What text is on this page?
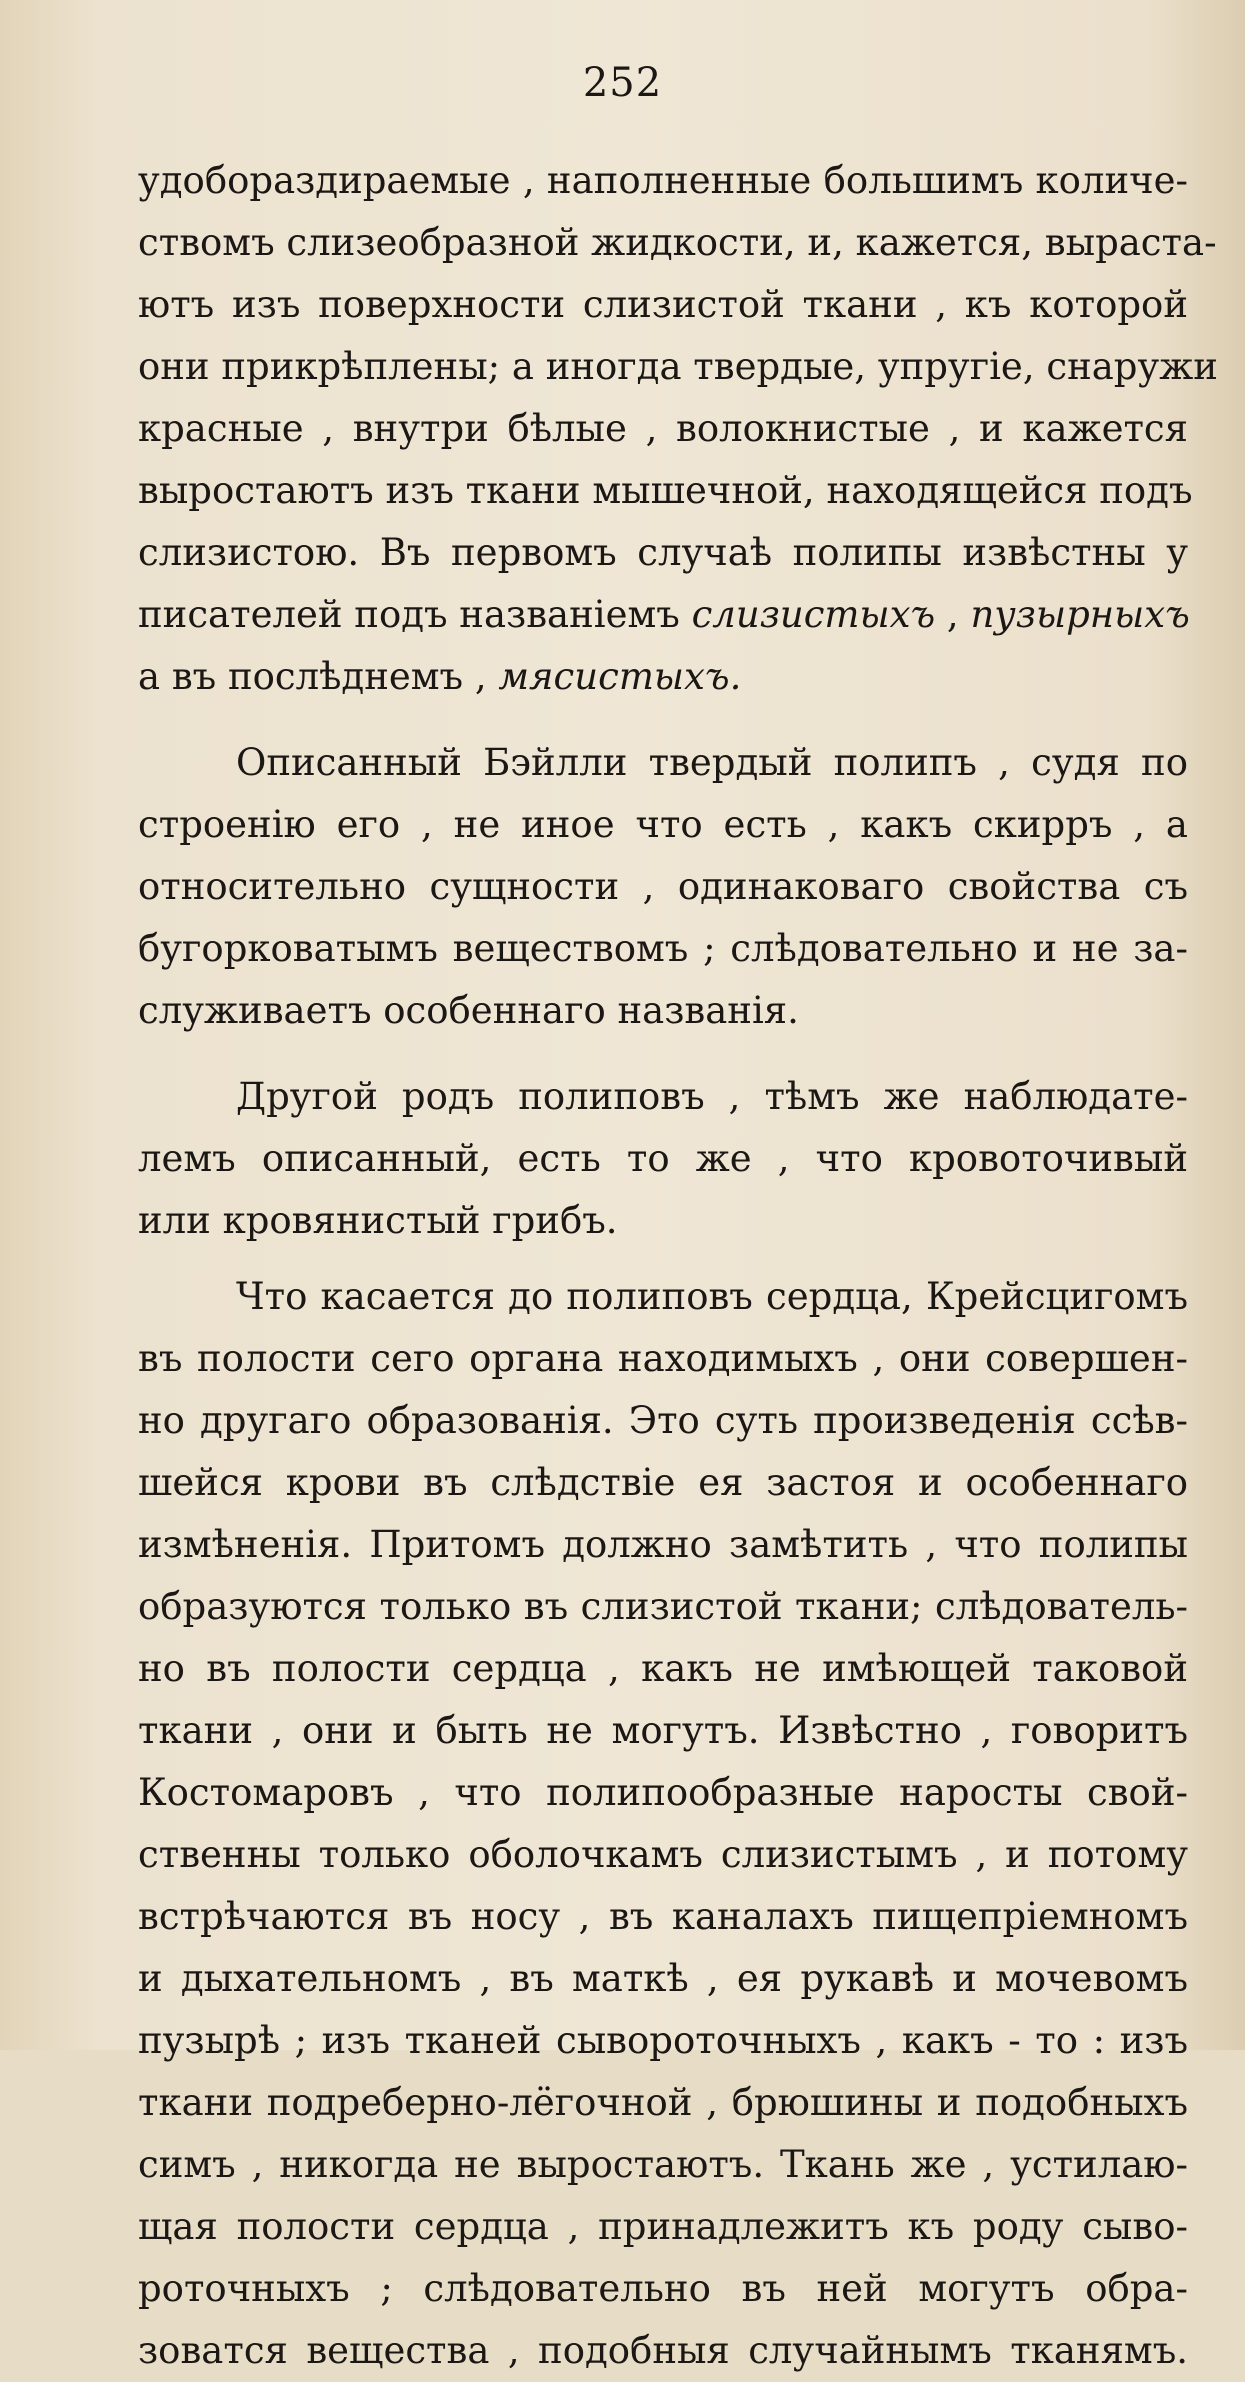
252
удобораздираемые , наполненные большимъ количе-
ствомъ слизеобразной жидкости, и, кажется, выраста-
ютъ изъ поверхности слизистой ткани , къ которой
они прикрѣплены; а иногда твердые, упругіе, снаружи
красные , внутри бѣлые , волокнистые , и кажется
выростаютъ изъ ткани мышечной, находящейся подъ
слизистою. Въ первомъ случаѣ полипы извѣстны у
писателей подъ названіемъ слизистыхъ , пузырныхъ
а въ послѣднемъ , мясистыхъ.
Описанный Бэйлли твердый полипъ , судя по
строенію его , не иное что есть , какъ скирръ , а
относительно сущности , одинаковаго свойства съ
бугорковатымъ веществомъ ; слѣдовательно и не за-
служиваетъ особеннаго названія.
Другой родъ полиповъ , тѣмъ же наблюдате-
лемъ описанный, есть то же , что кровоточивый
или кровянистый грибъ.
Что касается до полиповъ сердца, Крейсцигомъ
въ полости сего органа находимыхъ , они совершен-
но другаго образованія. Это суть произведенія ссѣв-
шейся крови въ слѣдствіе ея застоя и особеннаго
измѣненія. Притомъ должно замѣтить , что полипы
образуются только въ слизистой ткани; слѣдователь-
но въ полости сердца , какъ не имѣющей таковой
ткани , они и быть не могутъ. Извѣстно , говоритъ
Костомаровъ , что полипообразные наросты свой-
ственны только оболочкамъ слизистымъ , и потому
встрѣчаются въ носу , въ каналахъ пищепріемномъ
и дыхательномъ , въ маткѣ , ея рукавѣ и мочевомъ
пузырѣ ; изъ тканей сывороточныхъ , какъ - то : изъ
ткани подреберно-лёгочной , брюшины и подобныхъ
симъ , никогда не выростаютъ. Ткань же , устилаю-
щая полости сердца , принадлежитъ къ роду сыво-
роточныхъ ; слѣдовательно въ ней могутъ обра-
зоватся вещества , подобныя случайнымъ тканямъ.
